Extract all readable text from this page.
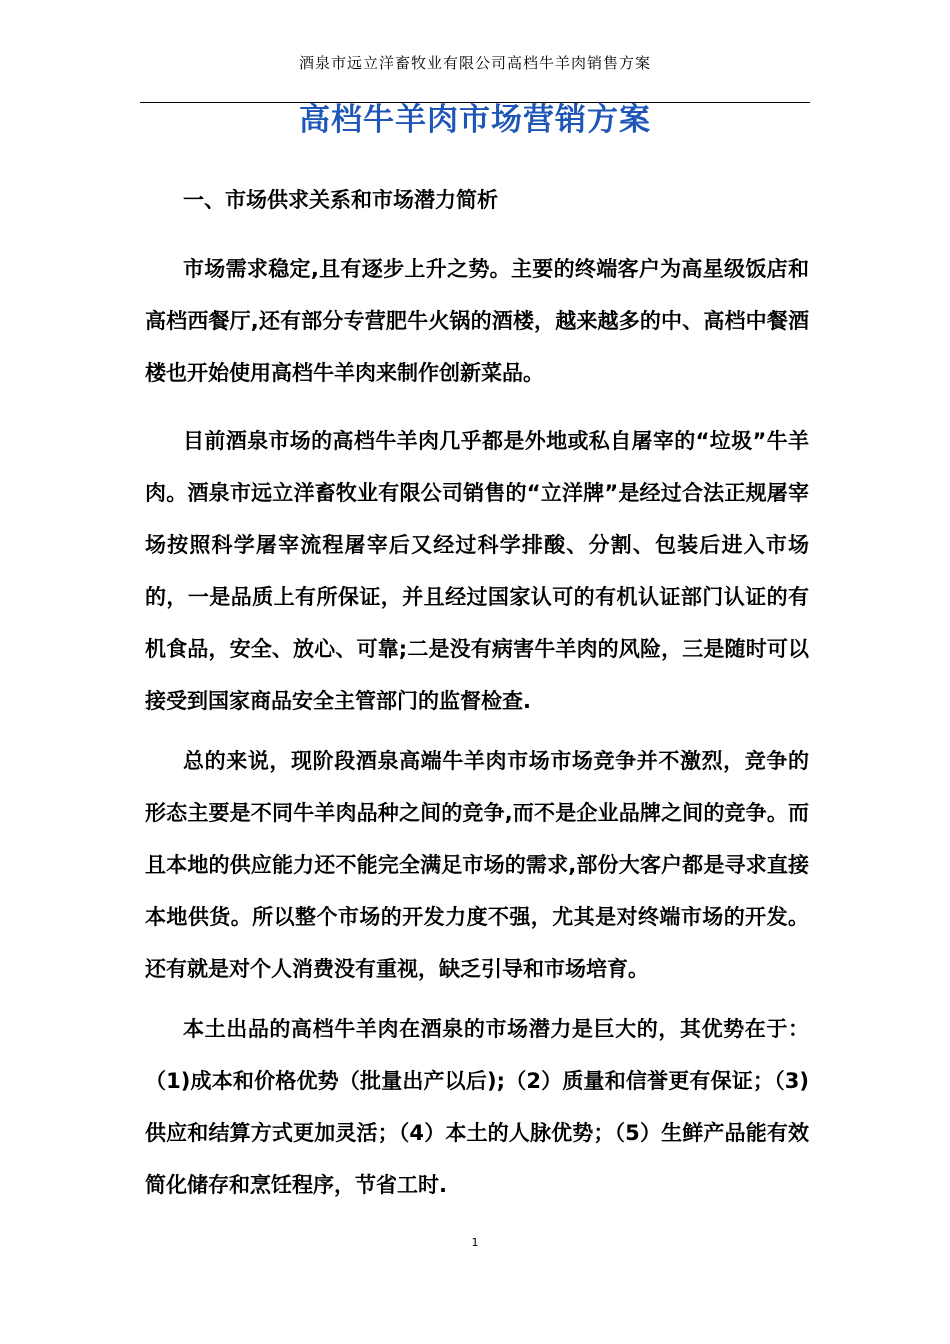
酒泉市远立洋畜牧业有限公司高档牛羊肉销售方案
高档牛羊肉市场营销方案
一、市场供求关系和市场潜力简析

市场需求稳定,且有逐步上升之势。主要的终端客户为高星级饭店和高档西餐厅,还有部分专营肥牛火锅的酒楼，越来越多的中、高档中餐酒楼也开始使用高档牛羊肉来制作创新菜品。

目前酒泉市场的高档牛羊肉几乎都是外地或私自屠宰的“垃圾”牛羊肉。酒泉市远立洋畜牧业有限公司销售的“立洋牌”是经过合法正规屠宰场按照科学屠宰流程屠宰后又经过科学排酸、分割、包装后进入市场的，一是品质上有所保证，并且经过国家认可的有机认证部门认证的有机食品，安全、放心、可靠;二是没有病害牛羊肉的风险，三是随时可以接受到国家商品安全主管部门的监督检查.

总的来说，现阶段酒泉高端牛羊肉市场市场竞争并不激烈，竞争的形态主要是不同牛羊肉品种之间的竞争,而不是企业品牌之间的竞争。而且本地的供应能力还不能完全满足市场的需求,部份大客户都是寻求直接本地供货。所以整个市场的开发力度不强，尤其是对终端市场的开发。还有就是对个人消费没有重视，缺乏引导和市场培育。

本土出品的高档牛羊肉在酒泉的市场潜力是巨大的，其优势在于：（1)成本和价格优势（批量出产以后);（2）质量和信誉更有保证；（3)供应和结算方式更加灵活；（4）本土的人脉优势；（5）生鲜产品能有效简化储存和烹饪程序，节省工时.

1
